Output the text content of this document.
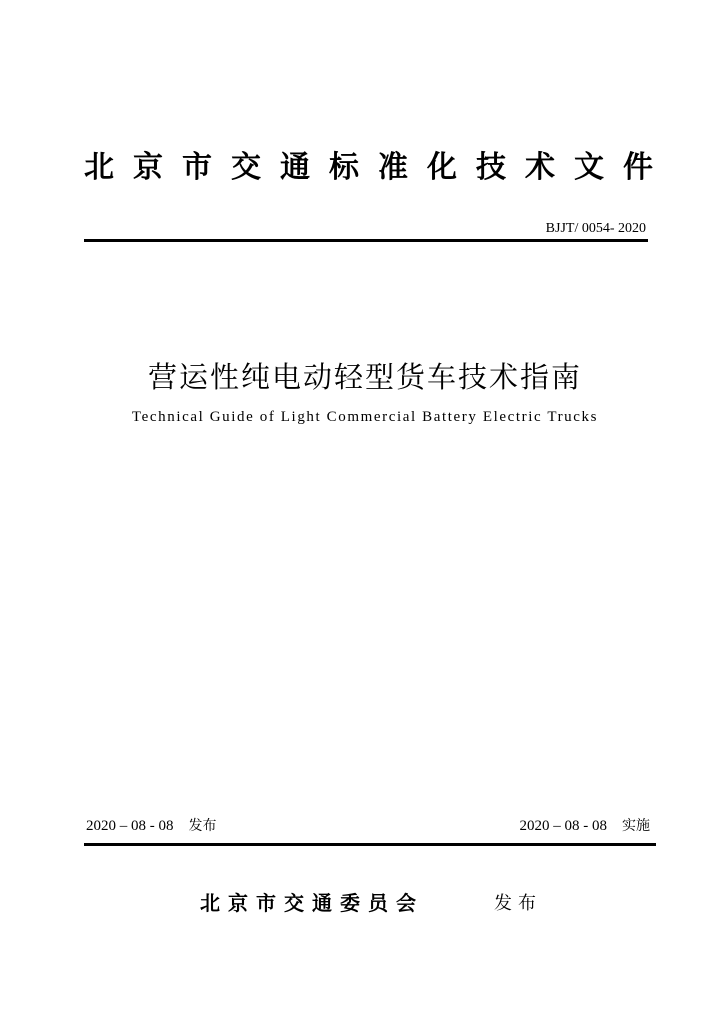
北京市交通标准化技术文件
BJJT/ 0054- 2020
营运性纯电动轻型货车技术指南
Technical Guide of Light Commercial Battery Electric Trucks
2020 – 08 - 08 发布	2020 – 08 - 08 实施
北京市交通委员会	发布
